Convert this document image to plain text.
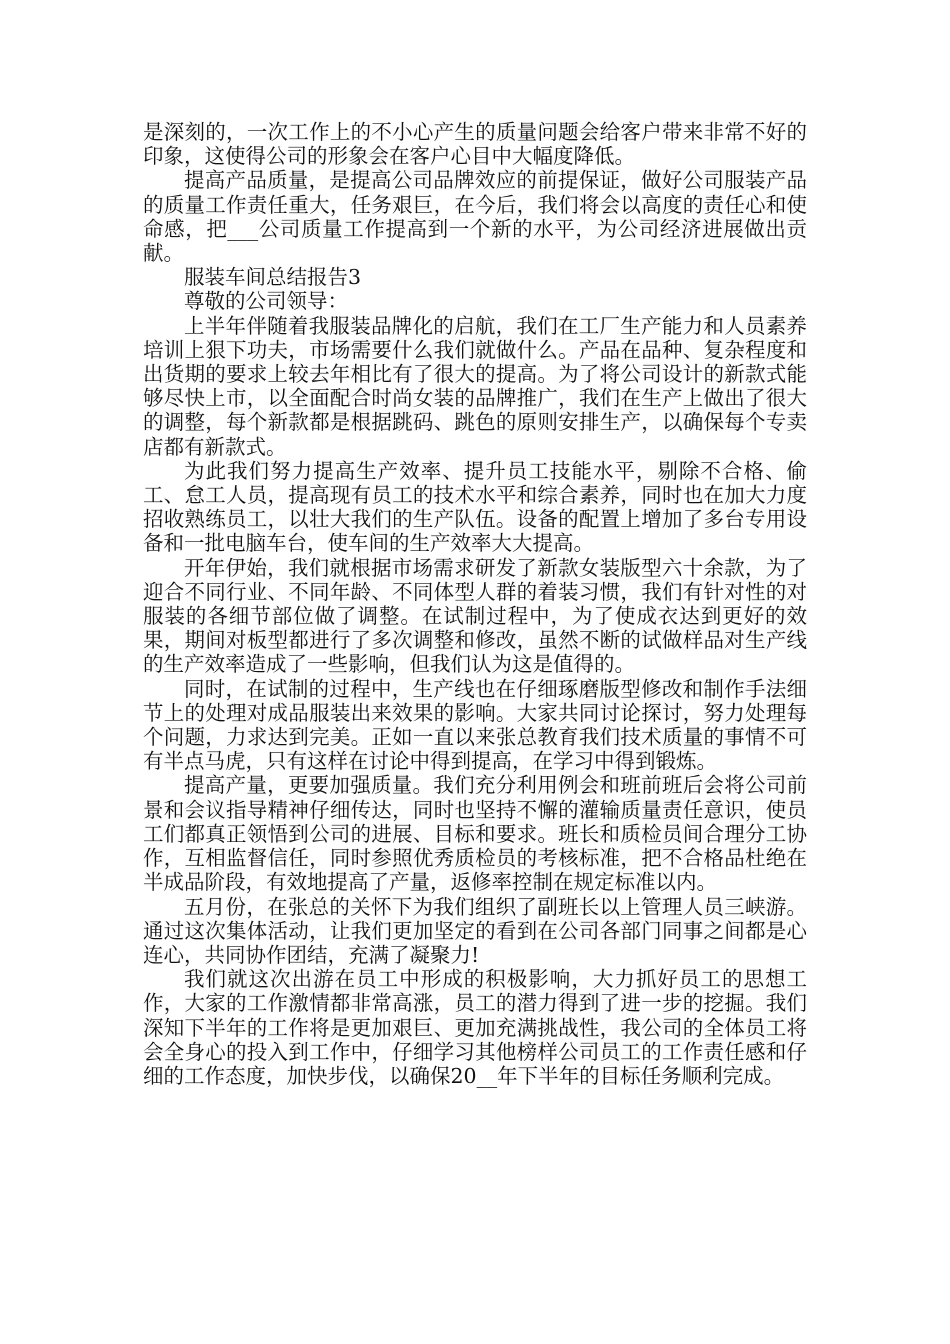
是深刻的，一次工作上的不小心产生的质量问题会给客户带来非常不好的印象，这使得公司的形象会在客户心目中大幅度降低。

提高产品质量，是提高公司品牌效应的前提保证，做好公司服装产品的质量工作责任重大，任务艰巨，在今后，我们将会以高度的责任心和使命感，把___公司质量工作提高到一个新的水平，为公司经济进展做出贡献。

服装车间总结报告3

尊敬的公司领导：

上半年伴随着我服装品牌化的启航，我们在工厂生产能力和人员素养培训上狠下功夫，市场需要什么我们就做什么。产品在品种、复杂程度和出货期的要求上较去年相比有了很大的提高。为了将公司设计的新款式能够尽快上市，以全面配合时尚女装的品牌推广，我们在生产上做出了很大的调整，每个新款都是根据跳码、跳色的原则安排生产，以确保每个专卖店都有新款式。

为此我们努力提高生产效率、提升员工技能水平，剔除不合格、偷工、怠工人员，提高现有员工的技术水平和综合素养，同时也在加大力度招收熟练员工，以壮大我们的生产队伍。设备的配置上增加了多台专用设备和一批电脑车台，使车间的生产效率大大提高。

开年伊始，我们就根据市场需求研发了新款女装版型六十余款，为了迎合不同行业、不同年龄、不同体型人群的着装习惯，我们有针对性的对服装的各细节部位做了调整。在试制过程中，为了使成衣达到更好的效果，期间对板型都进行了多次调整和修改，虽然不断的试做样品对生产线的生产效率造成了一些影响，但我们认为这是值得的。

同时，在试制的过程中，生产线也在仔细琢磨版型修改和制作手法细节上的处理对成品服装出来效果的影响。大家共同讨论探讨，努力处理每个问题，力求达到完美。正如一直以来张总教育我们技术质量的事情不可有半点马虎，只有这样在讨论中得到提高，在学习中得到锻炼。

提高产量，更要加强质量。我们充分利用例会和班前班后会将公司前景和会议指导精神仔细传达，同时也坚持不懈的灌输质量责任意识，使员工们都真正领悟到公司的进展、目标和要求。班长和质检员间合理分工协作，互相监督信任，同时参照优秀质检员的考核标准，把不合格品杜绝在半成品阶段，有效地提高了产量，返修率控制在规定标准以内。

五月份，在张总的关怀下为我们组织了副班长以上管理人员三峡游。通过这次集体活动，让我们更加坚定的看到在公司各部门同事之间都是心连心，共同协作团结，充满了凝聚力!

我们就这次出游在员工中形成的积极影响，大力抓好员工的思想工作，大家的工作激情都非常高涨，员工的潜力得到了进一步的挖掘。我们深知下半年的工作将是更加艰巨、更加充满挑战性，我公司的全体员工将会全身心的投入到工作中，仔细学习其他榜样公司员工的工作责任感和仔细的工作态度，加快步伐，以确保20__年下半年的目标任务顺利完成。
